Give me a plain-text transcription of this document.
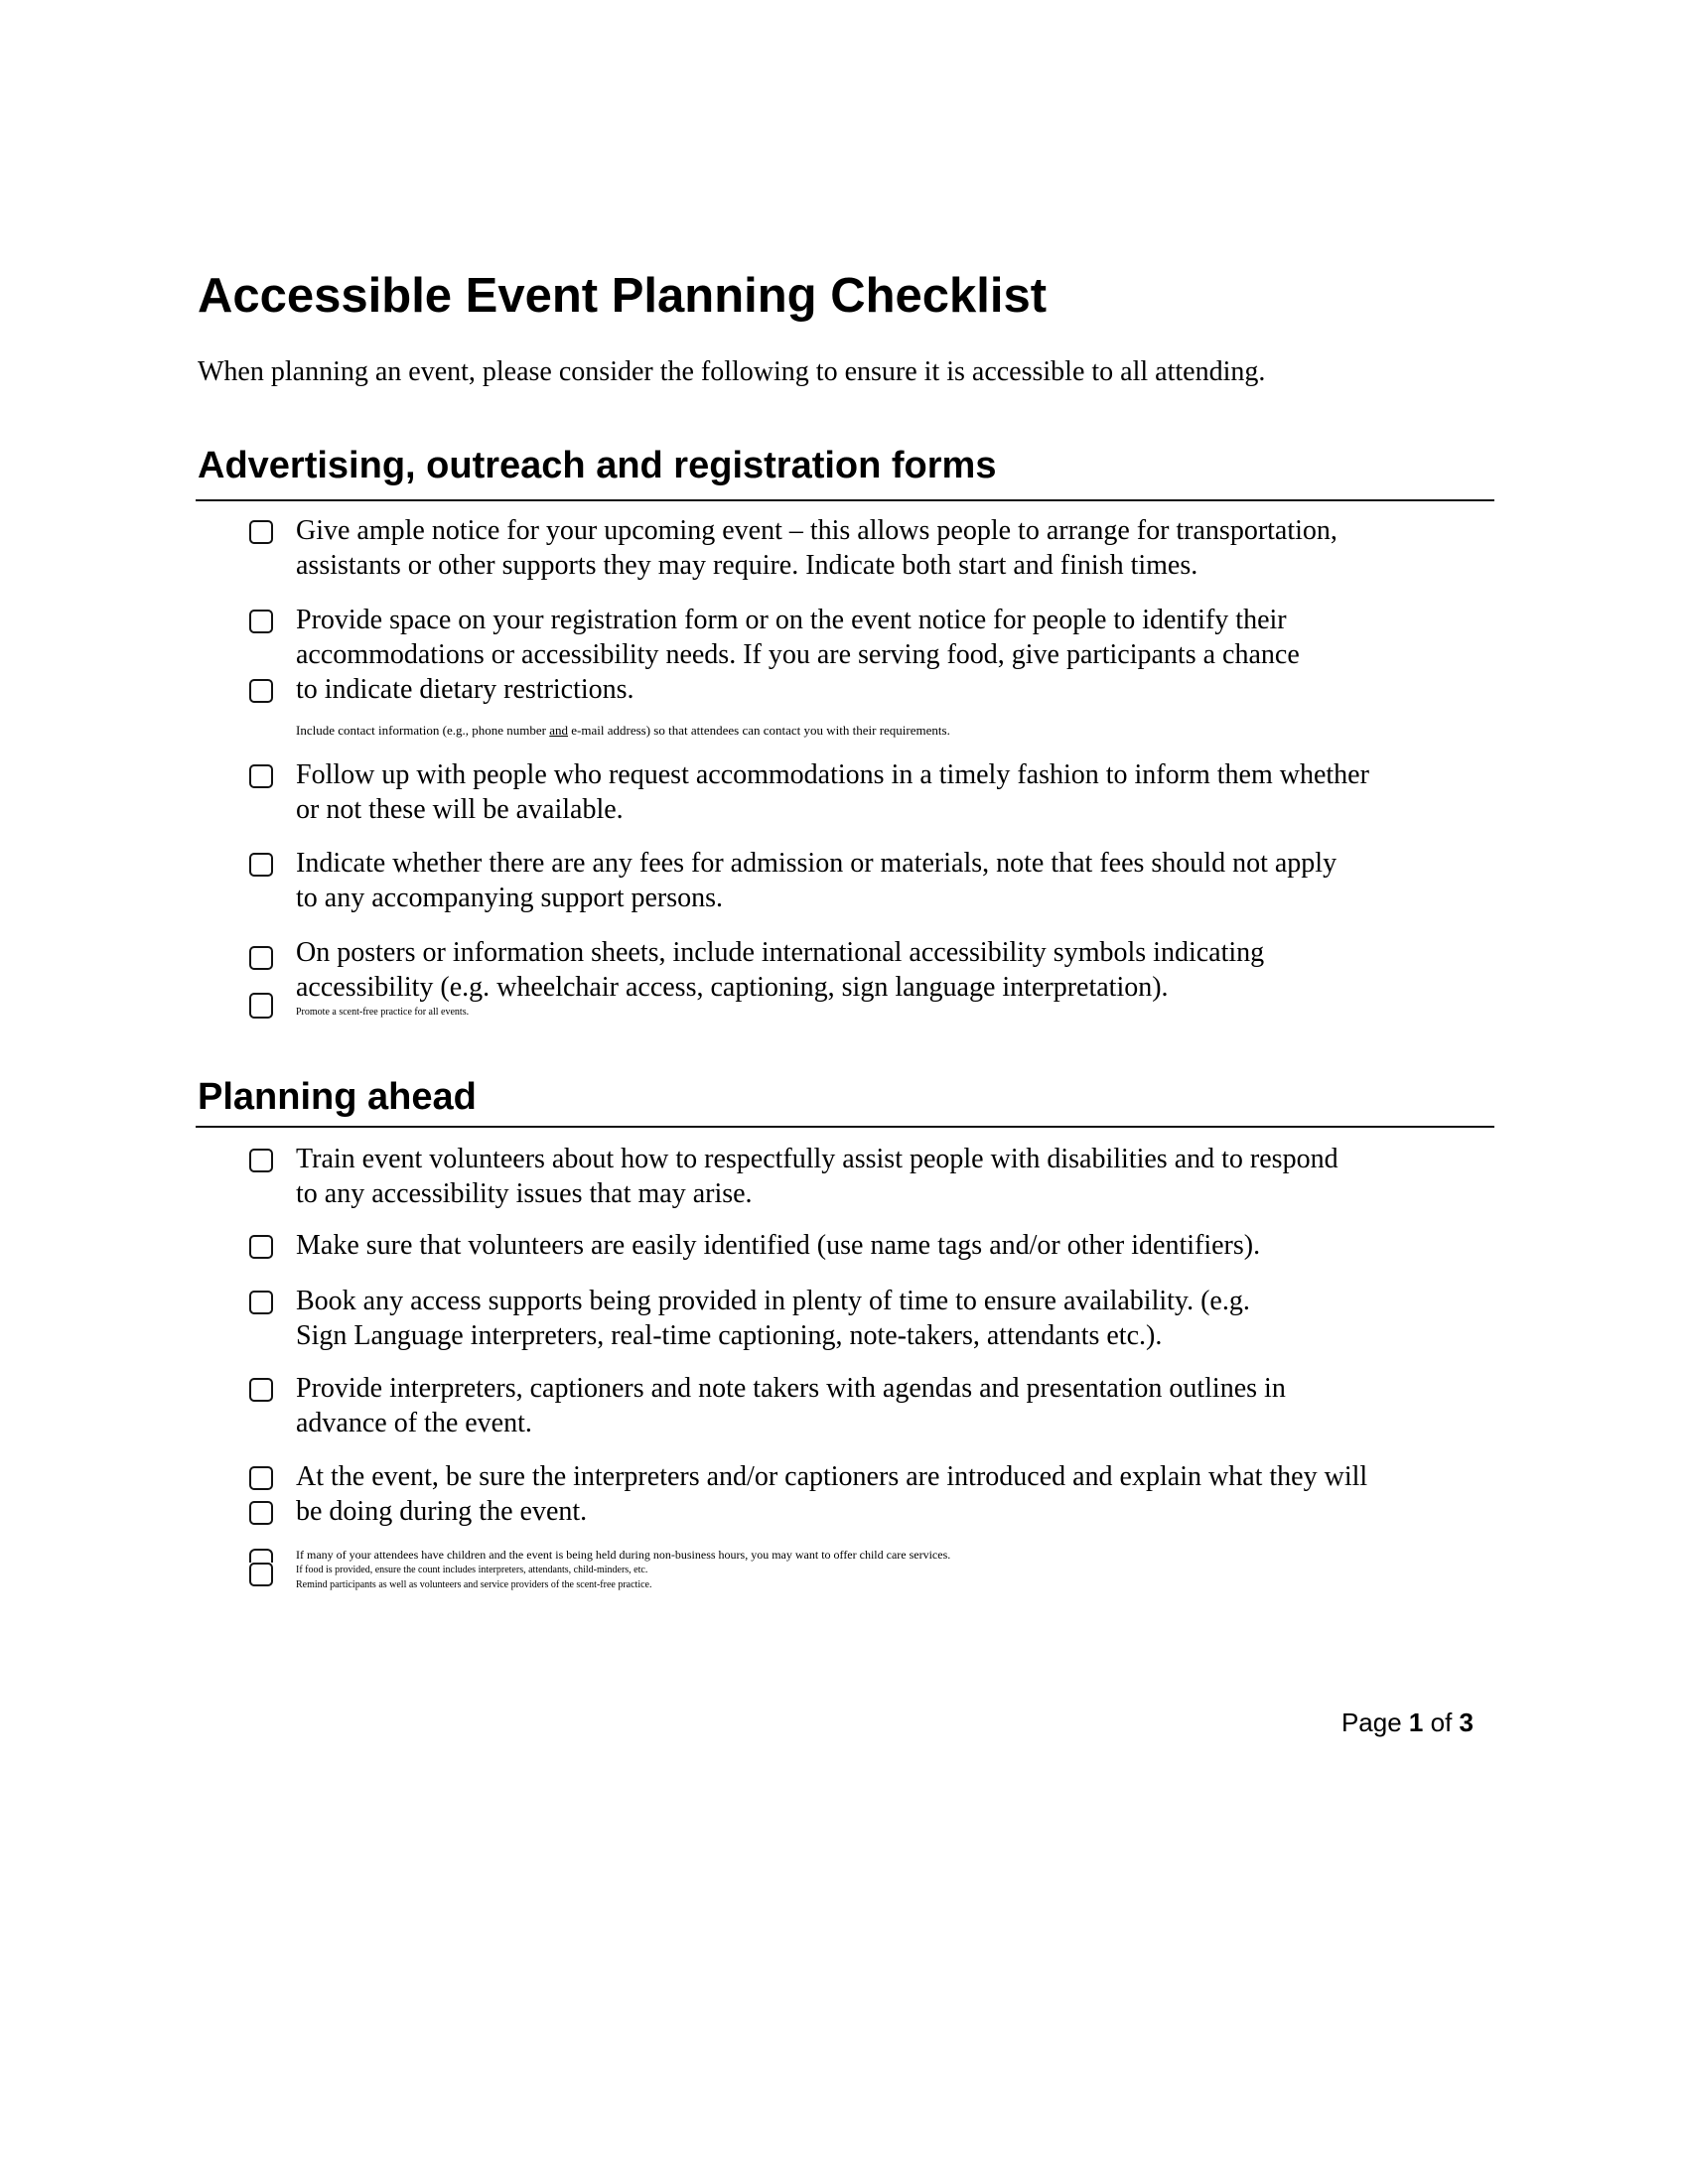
Accessible Event Planning Checklist
When planning an event, please consider the following to ensure it is accessible to all attending.
Advertising, outreach and registration forms
Give ample notice for your upcoming event – this allows people to arrange for transportation,
assistants or other supports they may require. Indicate both start and finish times.
Provide space on your registration form or on the event notice for people to identify their
accommodations or accessibility needs. If you are serving food, give participants a chance
to indicate dietary restrictions.
Include contact information (e.g., phone number and e-mail address) so that attendees can contact you with their requirements.
Follow up with people who request accommodations in a timely fashion to inform them whether
or not these will be available.
Indicate whether there are any fees for admission or materials, note that fees should not apply
to any accompanying support persons.
On posters or information sheets, include international accessibility symbols indicating
accessibility (e.g. wheelchair access, captioning, sign language interpretation).
Promote a scent-free practice for all events.
Planning ahead
Train event volunteers about how to respectfully assist people with disabilities and to respond
to any accessibility issues that may arise.
Make sure that volunteers are easily identified (use name tags and/or other identifiers).
Book any access supports being provided in plenty of time to ensure availability. (e.g.
Sign Language interpreters, real-time captioning, note-takers, attendants etc.).
Provide interpreters, captioners and note takers with agendas and presentation outlines in
advance of the event.
At the event, be sure the interpreters and/or captioners are introduced and explain what they will
be doing during the event.
If many of your attendees have children and the event is being held during non-business hours, you may want to offer child care services.
If food is provided, ensure the count includes interpreters, attendants, child-minders, etc.
Remind participants as well as volunteers and service providers of the scent-free practice.
Page 1 of 3
